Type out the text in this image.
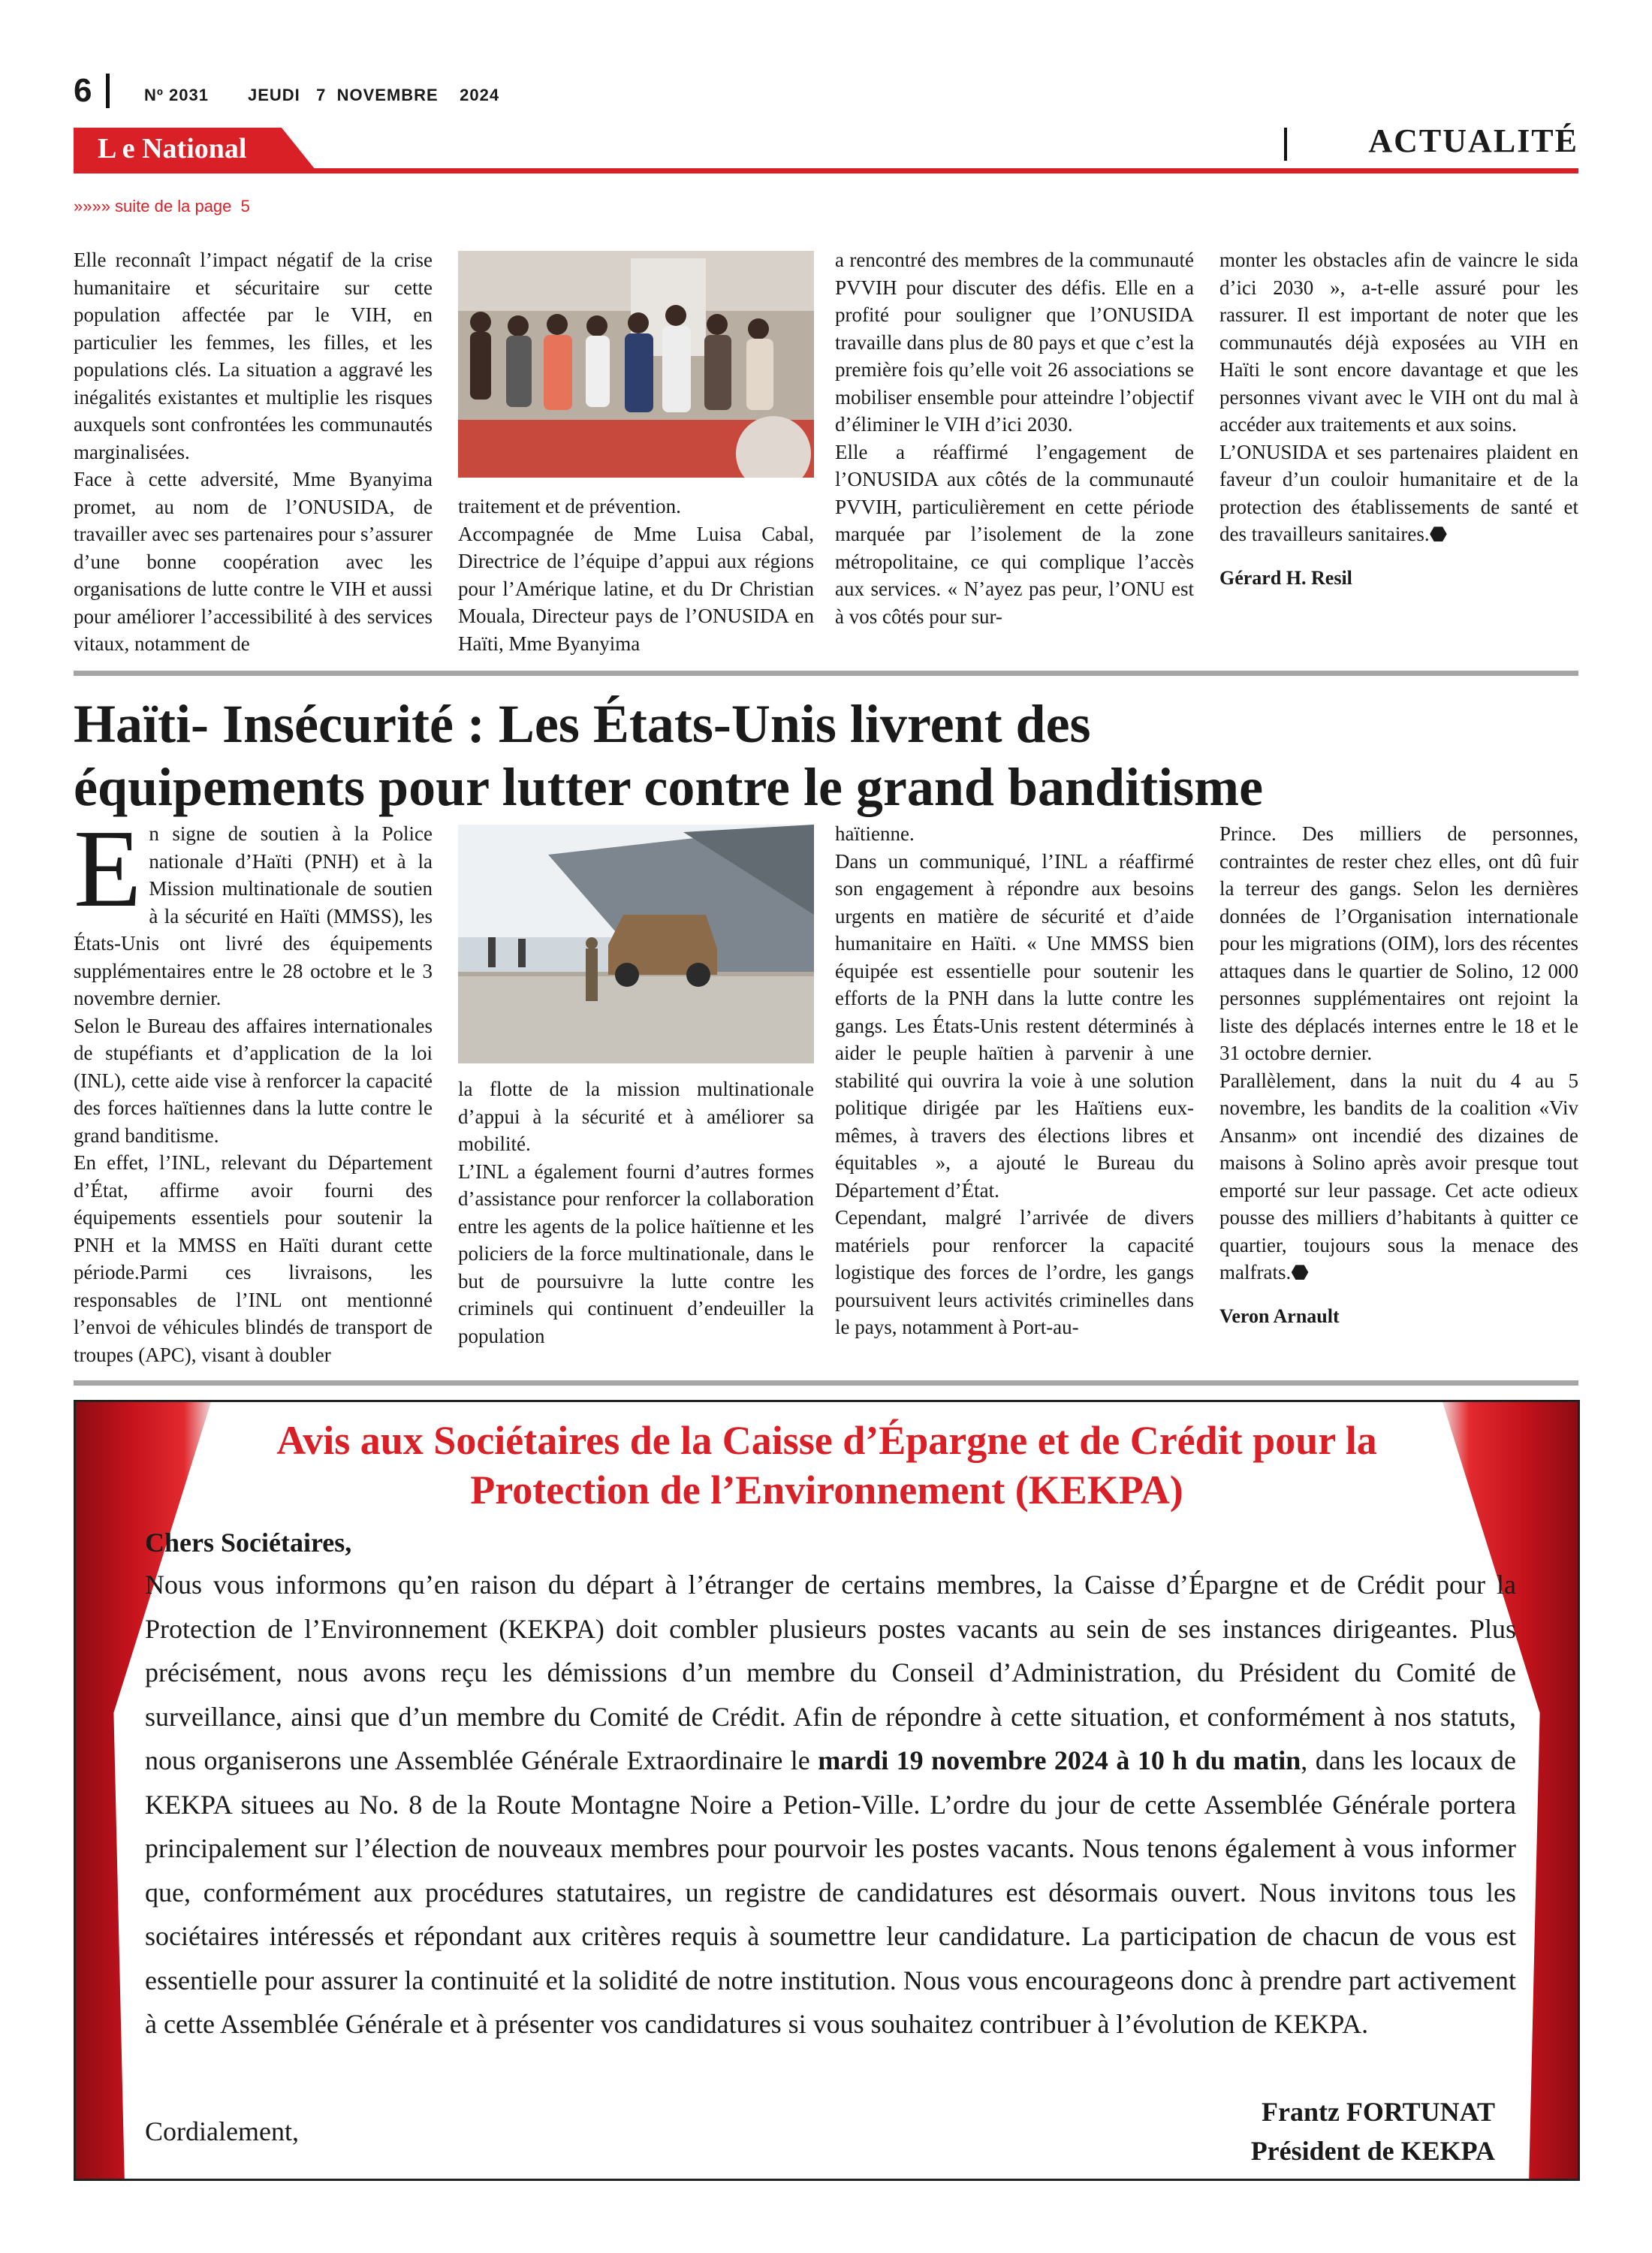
6	Nº 2031 JEUDI   7  NOVEMBRE    2024
L e National	ACTUALITÉ
»»»» suite de la page  5

Elle reconnaît l’impact négatif de la crise humanitaire et sécuritaire sur cette population affectée par le VIH, en particulier les femmes, les filles, et les populations clés. La situation a aggravé les inégalités existantes et multiplie les risques auxquels sont confrontées les communautés marginalisées.

Face à cette adversité, Mme Byanyima promet, au nom de l’ONUSIDA, de travailler avec ses partenaires pour s’assurer d’une bonne coopération avec les organisations de lutte contre le VIH et aussi pour améliorer l’accessibilité à des services vitaux, notamment de

traitement et de prévention.

Accompagnée de Mme Luisa Cabal, Directrice de l’équipe d’appui aux régions pour l’Amérique latine, et du Dr Christian Mouala, Directeur pays de l’ONUSIDA en Haïti, Mme Byanyima

a rencontré des membres de la communauté PVVIH pour discuter des défis. Elle en a profité pour souligner que l’ONUSIDA travaille dans plus de 80 pays et que c’est la première fois qu’elle voit 26 associations se mobiliser ensemble pour atteindre l’objectif d’éliminer le VIH d’ici 2030.

Elle a réaffirmé l’engagement de l’ONUSIDA aux côtés de la communauté PVVIH, particulièrement en cette période marquée par l’isolement de la zone métropolitaine, ce qui complique l’accès aux services. « N’ayez pas peur, l’ONU est à vos côtés pour sur-

monter les obstacles afin de vaincre le sida d’ici 2030 », a-t-elle assuré pour les rassurer. Il est important de noter que les communautés déjà exposées au VIH en Haïti le sont encore davantage et que les personnes vivant avec le VIH ont du mal à accéder aux traitements et aux soins.

L’ONUSIDA et ses partenaires plaident en faveur d’un couloir humanitaire et de la protection des établissements de santé et des travailleurs sanitaires.⬣

Gérard H. Resil

Haïti- Insécurité : Les États-Unis livrent des
équipements pour lutter contre le grand banditisme

En signe de soutien à la Police nationale d’Haïti (PNH) et à la Mission multinationale de soutien à la sécurité en Haïti (MMSS), les États-Unis ont livré des équipements supplémentaires entre le 28 octobre et le 3 novembre dernier.

Selon le Bureau des affaires internationales de stupéfiants et d’application de la loi (INL), cette aide vise à renforcer la capacité des forces haïtiennes dans la lutte contre le grand banditisme.

En effet, l’INL, relevant du Département d’État, affirme avoir fourni des équipements essentiels pour soutenir la PNH et la MMSS en Haïti durant cette période.Parmi ces livraisons, les responsables de l’INL ont mentionné l’envoi de véhicules blindés de transport de troupes (APC), visant à doubler

la flotte de la mission multinationale d’appui à la sécurité et à améliorer sa mobilité.

L’INL a également fourni d’autres formes d’assistance pour renforcer la collaboration entre les agents de la police haïtienne et les policiers de la force multinationale, dans le but de poursuivre la lutte contre les criminels qui continuent d’endeuiller la population

haïtienne.

Dans un communiqué, l’INL a réaffirmé son engagement à répondre aux besoins urgents en matière de sécurité et d’aide humanitaire en Haïti. « Une MMSS bien équipée est essentielle pour soutenir les efforts de la PNH dans la lutte contre les gangs. Les États-Unis restent déterminés à aider le peuple haïtien à parvenir à une stabilité qui ouvrira la voie à une solution politique dirigée par les Haïtiens eux-mêmes, à travers des élections libres et équitables », a ajouté le Bureau du Département d’État.

Cependant, malgré l’arrivée de divers matériels pour renforcer la capacité logistique des forces de l’ordre, les gangs poursuivent leurs activités criminelles dans le pays, notamment à Port-au-

Prince. Des milliers de personnes, contraintes de rester chez elles, ont dû fuir la terreur des gangs. Selon les dernières données de l’Organisation internationale pour les migrations (OIM), lors des récentes attaques dans le quartier de Solino, 12 000 personnes supplémentaires ont rejoint la liste des déplacés internes entre le 18 et le 31 octobre dernier.

Parallèlement, dans la nuit du 4 au 5 novembre, les bandits de la coalition «Viv Ansanm» ont incendié des dizaines de maisons à Solino après avoir presque tout emporté sur leur passage. Cet acte odieux pousse des milliers d’habitants à quitter ce quartier, toujours sous la menace des malfrats.⬣

Veron Arnault

Avis aux Sociétaires de la Caisse d’Épargne et de Crédit pour la
Protection de l’Environnement (KEKPA)
Chers Sociétaires,

Nous vous informons qu’en raison du départ à l’étranger de certains membres, la Caisse d’Épargne et de Crédit pour la Protection de l’Environnement (KEKPA) doit combler plusieurs postes vacants au sein de ses instances dirigeantes. Plus précisément, nous avons reçu les démissions d’un membre du Conseil d’Administration, du Président du Comité de surveillance, ainsi que d’un membre du Comité de Crédit. Afin de répondre à cette situation, et conformément à nos statuts, nous organiserons une Assemblée Générale Extraordinaire le mardi 19 novembre 2024 à 10 h du matin, dans les locaux de KEKPA situees au No. 8 de la Route Montagne Noire a Petion-Ville. L’ordre du jour de cette Assemblée Générale portera principalement sur l’élection de nouveaux membres pour pourvoir les postes vacants. Nous tenons également à vous informer que, conformément aux procédures statutaires, un registre de candidatures est désormais ouvert. Nous invitons tous les sociétaires intéressés et répondant aux critères requis à soumettre leur candidature. La participation de chacun de vous est essentielle pour assurer la continuité et la solidité de notre institution. Nous vous encourageons donc à prendre part activement à cette Assemblée Générale et à présenter vos candidatures si vous souhaitez contribuer à l’évolution de KEKPA.

Cordialement,
Frantz FORTUNAT
Président de KEKPA
